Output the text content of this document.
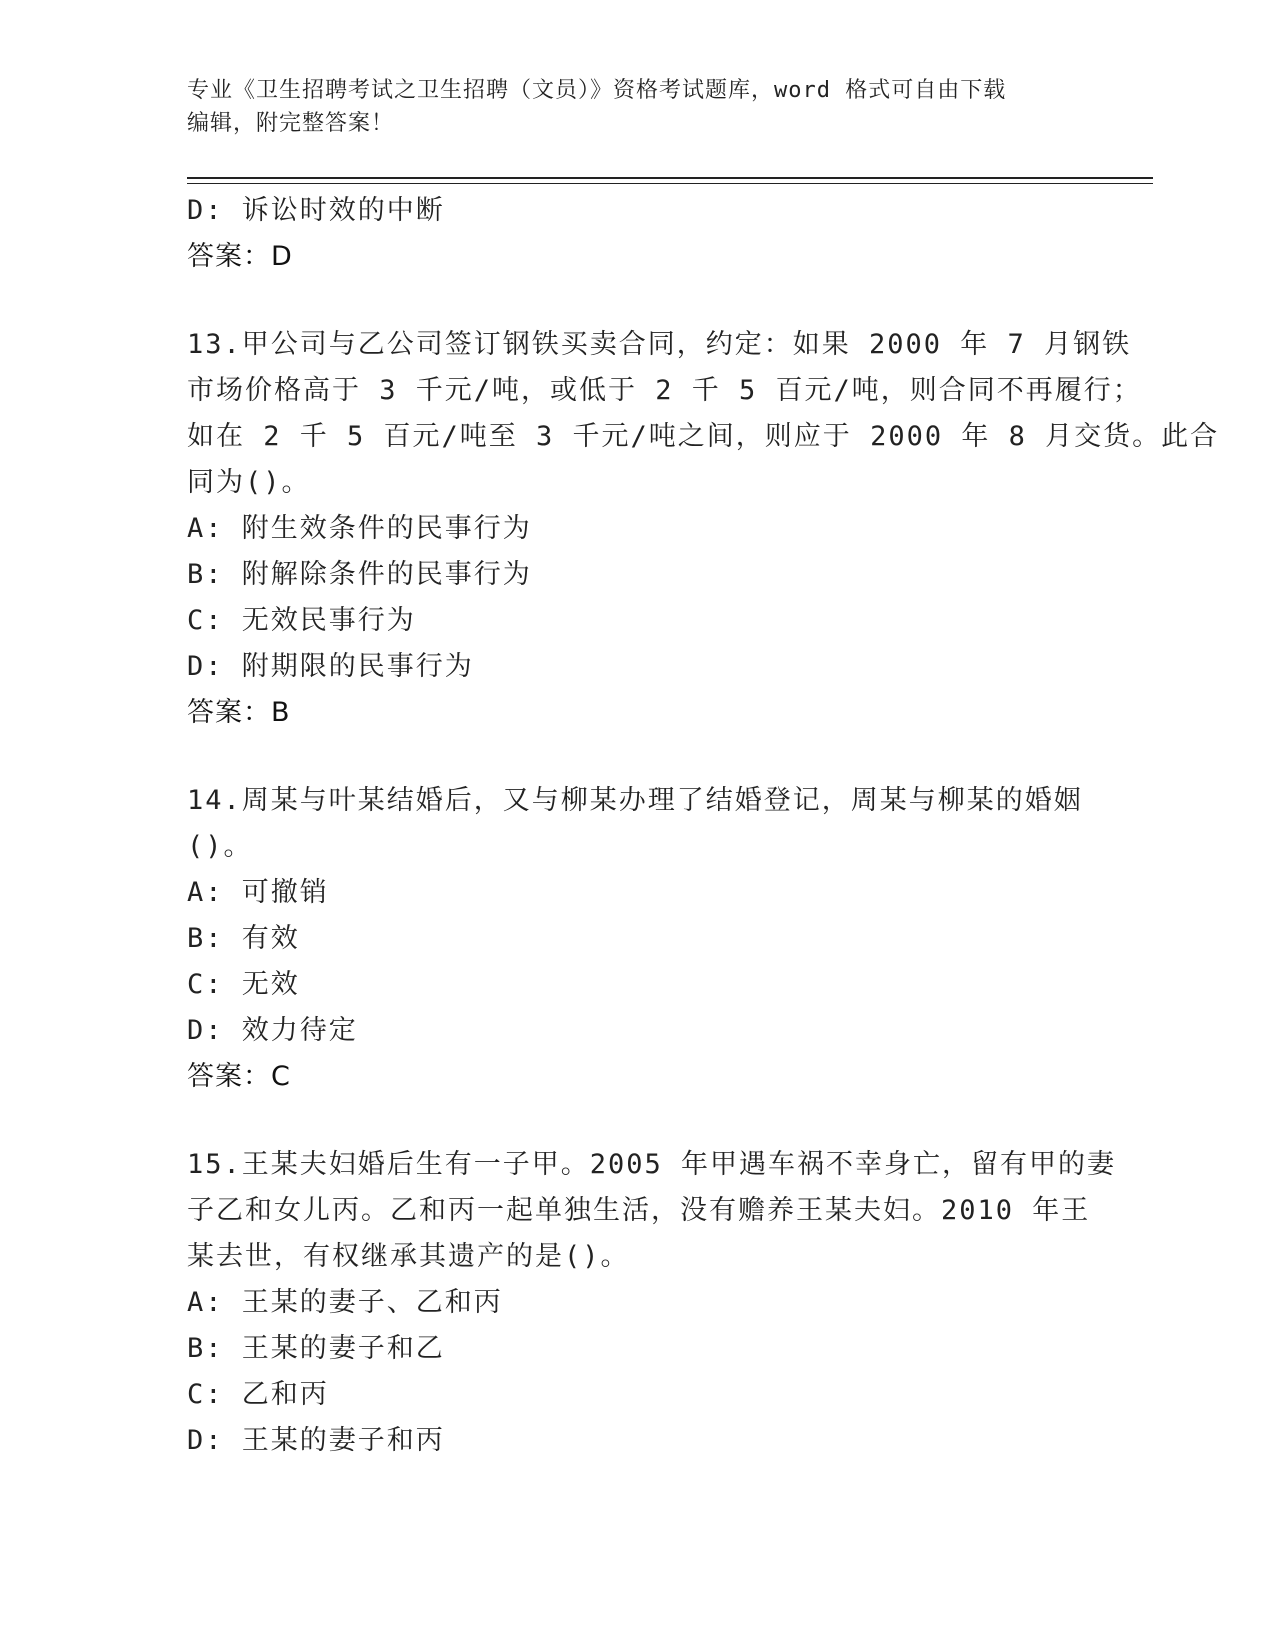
专业《卫生招聘考试之卫生招聘（文员）》资格考试题库，word 格式可自由下载
编辑，附完整答案！
D: 诉讼时效的中断
答案：D
13.甲公司与乙公司签订钢铁买卖合同，约定：如果 2000 年 7 月钢铁
市场价格高于 3 千元/吨，或低于 2 千 5 百元/吨，则合同不再履行；
如在 2 千 5 百元/吨至 3 千元/吨之间，则应于 2000 年 8 月交货。此合
同为()。
A: 附生效条件的民事行为
B: 附解除条件的民事行为
C: 无效民事行为
D: 附期限的民事行为
答案：B
14.周某与叶某结婚后，又与柳某办理了结婚登记，周某与柳某的婚姻
()。
A: 可撤销
B: 有效
C: 无效
D: 效力待定
答案：C
15.王某夫妇婚后生有一子甲。2005 年甲遇车祸不幸身亡，留有甲的妻
子乙和女儿丙。乙和丙一起单独生活，没有赡养王某夫妇。2010 年王
某去世，有权继承其遗产的是()。
A: 王某的妻子、乙和丙
B: 王某的妻子和乙
C: 乙和丙
D: 王某的妻子和丙
